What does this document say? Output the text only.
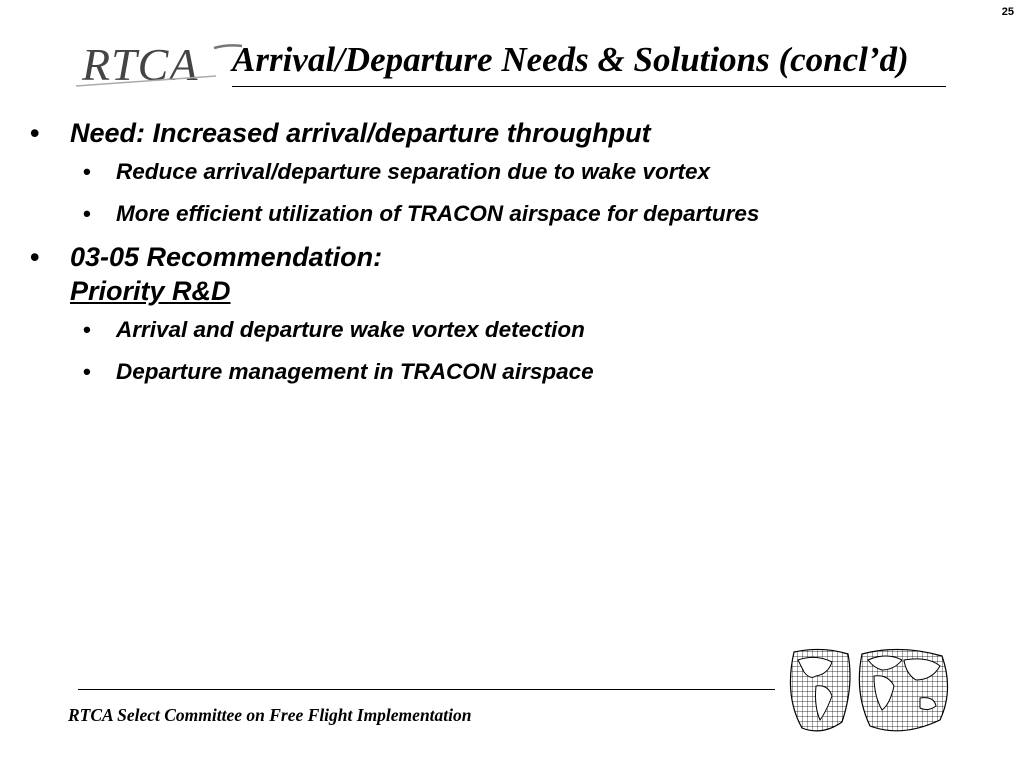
25
RTCA Arrival/Departure Needs & Solutions (concl’d)
• Need: Increased arrival/departure throughput
• Reduce arrival/departure separation due to wake vortex
• More efficient utilization of TRACON airspace for departures
• 03-05 Recommendation:
Priority R&D
• Arrival and departure wake vortex detection
• Departure management in TRACON airspace
RTCA Select Committee on Free Flight Implementation
